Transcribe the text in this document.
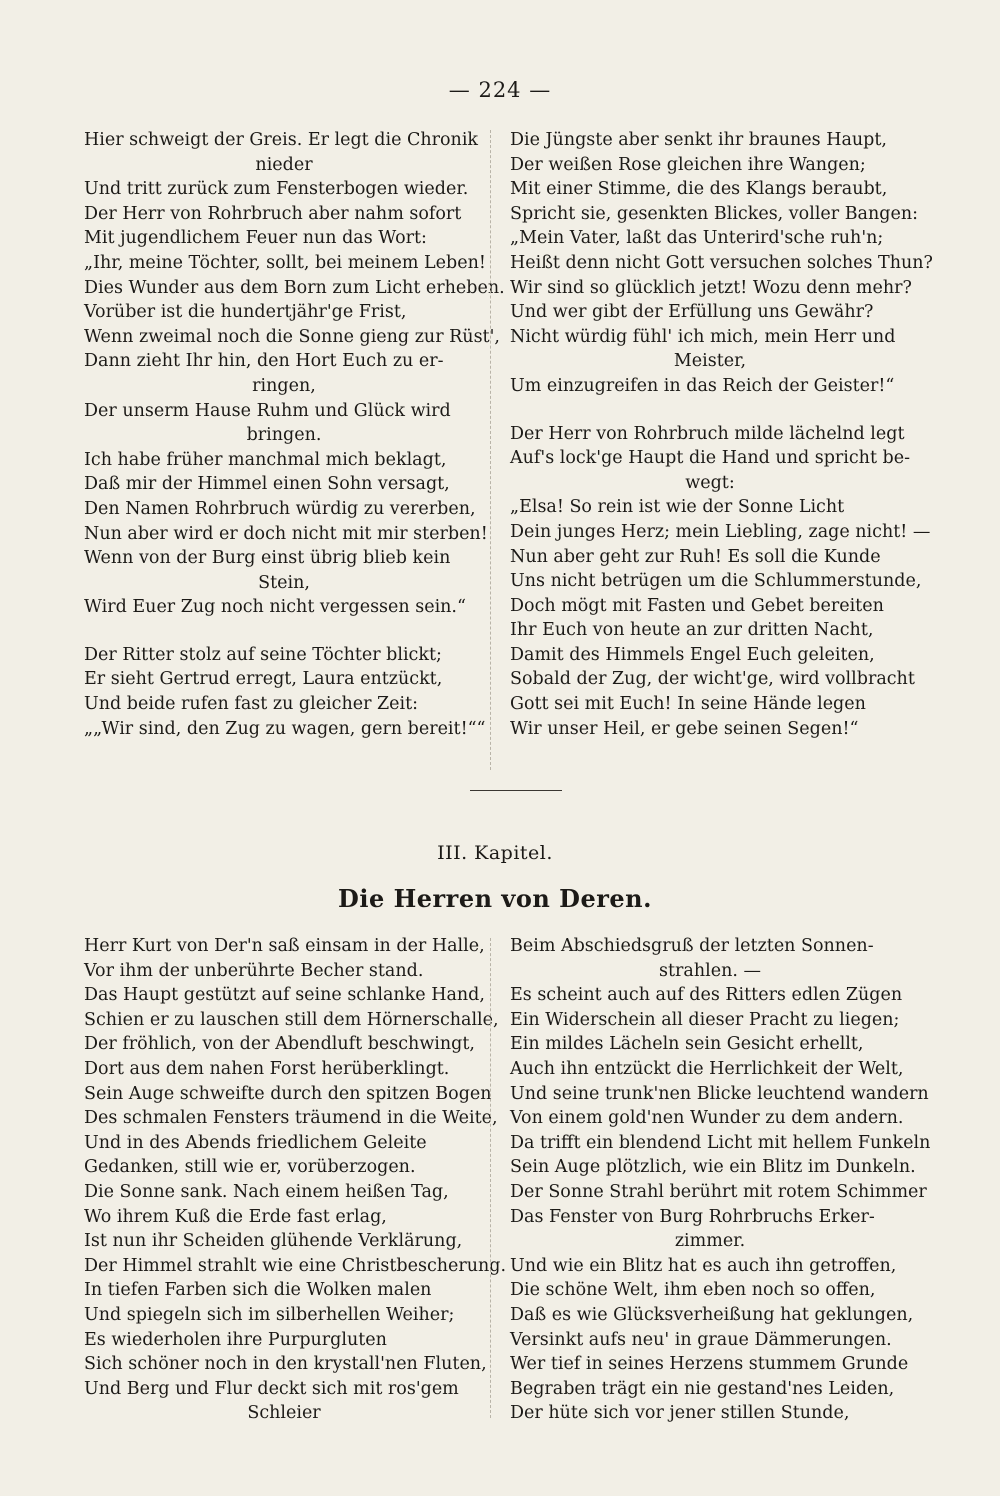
— 224 —
Hier schweigt der Greis. Er legt die Chronik
nieder
Und tritt zurück zum Fensterbogen wieder.
Der Herr von Rohrbruch aber nahm sofort
Mit jugendlichem Feuer nun das Wort:
„Ihr, meine Töchter, sollt, bei meinem Leben!
Dies Wunder aus dem Born zum Licht erheben.
Vorüber ist die hundertjähr'ge Frist,
Wenn zweimal noch die Sonne gieng zur Rüst',
Dann zieht Ihr hin, den Hort Euch zu er-
ringen,
Der unserm Hause Ruhm und Glück wird
bringen.
Ich habe früher manchmal mich beklagt,
Daß mir der Himmel einen Sohn versagt,
Den Namen Rohrbruch würdig zu vererben,
Nun aber wird er doch nicht mit mir sterben!
Wenn von der Burg einst übrig blieb kein
Stein,
Wird Euer Zug noch nicht vergessen sein.“
Der Ritter stolz auf seine Töchter blickt;
Er sieht Gertrud erregt, Laura entzückt,
Und beide rufen fast zu gleicher Zeit:
„„Wir sind, den Zug zu wagen, gern bereit!““
Die Jüngste aber senkt ihr braunes Haupt,
Der weißen Rose gleichen ihre Wangen;
Mit einer Stimme, die des Klangs beraubt,
Spricht sie, gesenkten Blickes, voller Bangen:
„Mein Vater, laßt das Unterird'sche ruh'n;
Heißt denn nicht Gott versuchen solches Thun?
Wir sind so glücklich jetzt! Wozu denn mehr?
Und wer gibt der Erfüllung uns Gewähr?
Nicht würdig fühl' ich mich, mein Herr und
Meister,
Um einzugreifen in das Reich der Geister!“
Der Herr von Rohrbruch milde lächelnd legt
Auf's lock'ge Haupt die Hand und spricht be-
wegt:
„Elsa! So rein ist wie der Sonne Licht
Dein junges Herz; mein Liebling, zage nicht! —
Nun aber geht zur Ruh! Es soll die Kunde
Uns nicht betrügen um die Schlummerstunde,
Doch mögt mit Fasten und Gebet bereiten
Ihr Euch von heute an zur dritten Nacht,
Damit des Himmels Engel Euch geleiten,
Sobald der Zug, der wicht'ge, wird vollbracht
Gott sei mit Euch! In seine Hände legen
Wir unser Heil, er gebe seinen Segen!“
III. Kapitel.
Die Herren von Deren.
Herr Kurt von Der'n saß einsam in der Halle,
Vor ihm der unberührte Becher stand.
Das Haupt gestützt auf seine schlanke Hand,
Schien er zu lauschen still dem Hörnerschalle,
Der fröhlich, von der Abendluft beschwingt,
Dort aus dem nahen Forst herüberklingt.
Sein Auge schweifte durch den spitzen Bogen
Des schmalen Fensters träumend in die Weite,
Und in des Abends friedlichem Geleite
Gedanken, still wie er, vorüberzogen.
Die Sonne sank. Nach einem heißen Tag,
Wo ihrem Kuß die Erde fast erlag,
Ist nun ihr Scheiden glühende Verklärung,
Der Himmel strahlt wie eine Christbescherung.
In tiefen Farben sich die Wolken malen
Und spiegeln sich im silberhellen Weiher;
Es wiederholen ihre Purpurgluten
Sich schöner noch in den krystall'nen Fluten,
Und Berg und Flur deckt sich mit ros'gem
Schleier
Beim Abschiedsgruß der letzten Sonnen-
strahlen. —
Es scheint auch auf des Ritters edlen Zügen
Ein Widerschein all dieser Pracht zu liegen;
Ein mildes Lächeln sein Gesicht erhellt,
Auch ihn entzückt die Herrlichkeit der Welt,
Und seine trunk'nen Blicke leuchtend wandern
Von einem gold'nen Wunder zu dem andern.
Da trifft ein blendend Licht mit hellem Funkeln
Sein Auge plötzlich, wie ein Blitz im Dunkeln.
Der Sonne Strahl berührt mit rotem Schimmer
Das Fenster von Burg Rohrbruchs Erker-
zimmer.
Und wie ein Blitz hat es auch ihn getroffen,
Die schöne Welt, ihm eben noch so offen,
Daß es wie Glücksverheißung hat geklungen,
Versinkt aufs neu' in graue Dämmerungen.
Wer tief in seines Herzens stummem Grunde
Begraben trägt ein nie gestand'nes Leiden,
Der hüte sich vor jener stillen Stunde,
